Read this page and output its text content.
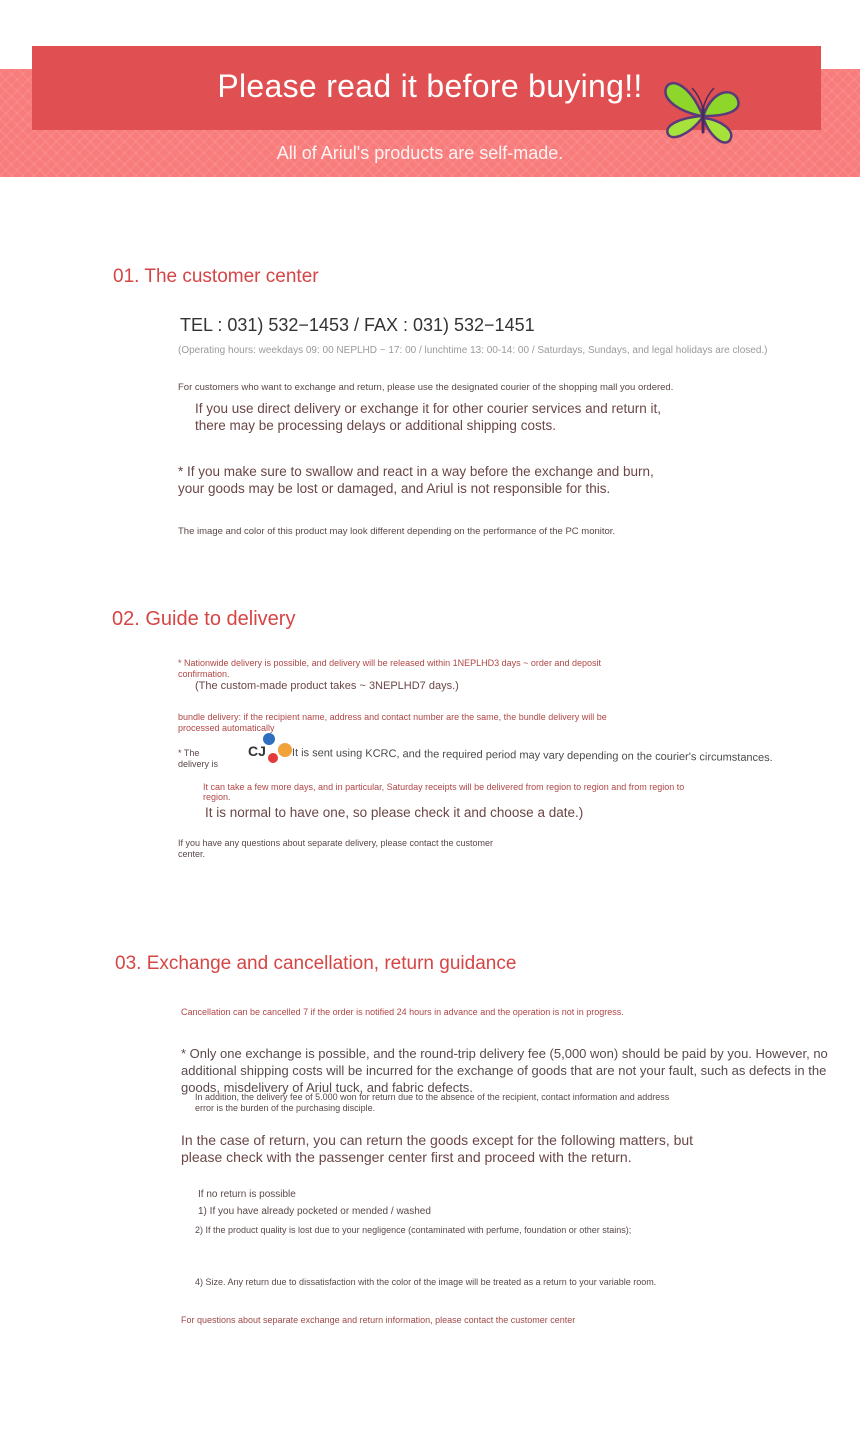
Please read it before buying!!
All of Ariul's products are self-made.
01. The customer center
TEL : 031) 532−1453 / FAX : 031) 532−1451
(Operating hours: weekdays 09: 00 NEPLHD ~ 17: 00 / lunchtime 13: 00-14: 00 / Saturdays, Sundays, and legal holidays are closed.)
For customers who want to exchange and return, please use the designated courier of the shopping mall you ordered.
If you use direct delivery or exchange it for other courier services and return it,
there may be processing delays or additional shipping costs.
* If you make sure to swallow and react in a way before the exchange and burn,
your goods may be lost or damaged, and Ariul is not responsible for this.
The image and color of this product may look different depending on the performance of the PC monitor.
02. Guide to delivery
* Nationwide delivery is possible, and delivery will be released within 1NEPLHD3 days ~ order and deposit
confirmation.
(The custom-made product takes ~ 3NEPLHD7 days.)
bundle delivery: if the recipient name, address and contact number are the same, the bundle delivery will be
processed automatically
* The
delivery is
CJ It is sent using KCRC, and the required period may vary depending on the courier's circumstances.
It can take a few more days, and in particular, Saturday receipts will be delivered from region to region and from region to
region.
It is normal to have one, so please check it and choose a date.)
If you have any questions about separate delivery, please contact the customer
center.
03. Exchange and cancellation, return guidance
Cancellation can be cancelled 7 if the order is notified 24 hours in advance and the operation is not in progress.
* Only one exchange is possible, and the round-trip delivery fee (5,000 won) should be paid by you. However, no
additional shipping costs will be incurred for the exchange of goods that are not your fault, such as defects in the
goods, misdelivery of Ariul tuck, and fabric defects.
In addition, the delivery fee of 5.000 won for return due to the absence of the recipient, contact information and address
error is the burden of the purchasing disciple.
In the case of return, you can return the goods except for the following matters, but
please check with the passenger center first and proceed with the return.
If no return is possible
1) If you have already pocketed or mended / washed
2) If the product quality is lost due to your negligence (contaminated with perfume, foundation or other stains);
4) Size. Any return due to dissatisfaction with the color of the image will be treated as a return to your variable room.
For questions about separate exchange and return information, please contact the customer center
